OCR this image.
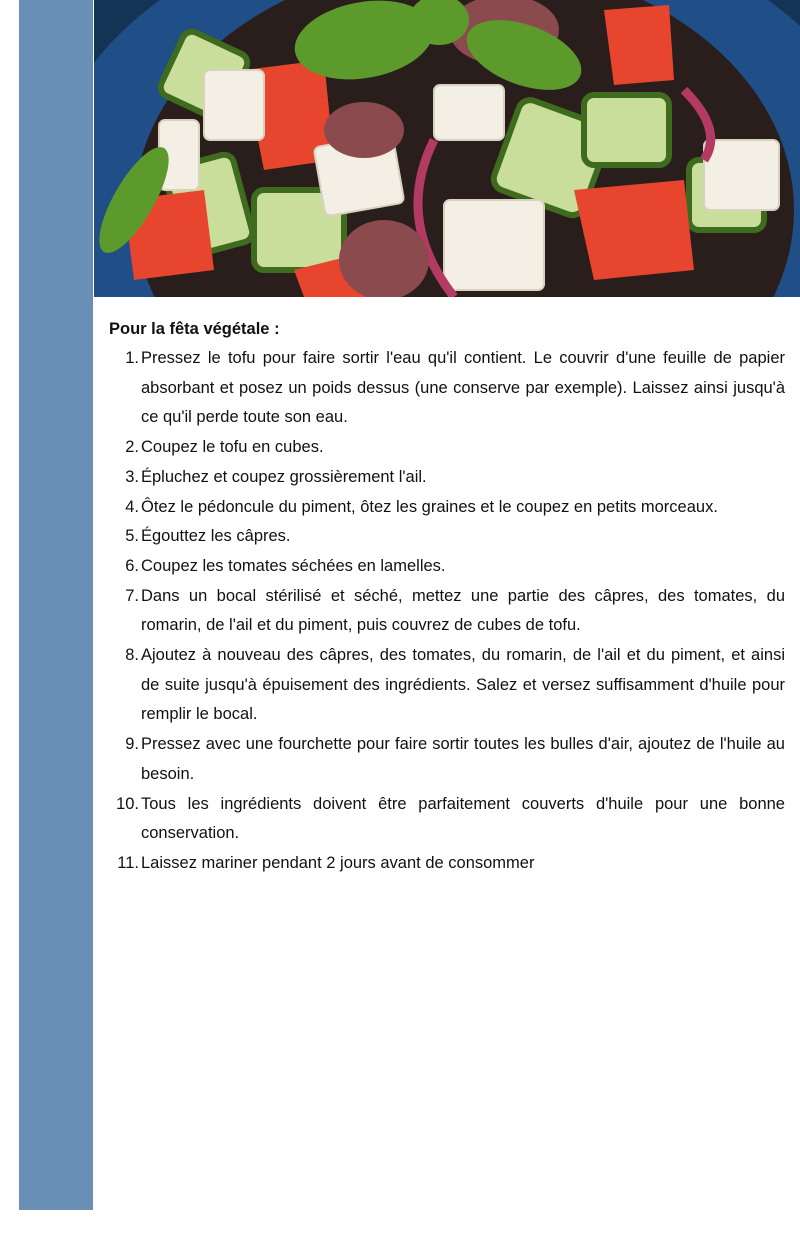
Pour la fêta végétale :
1. Pressez le tofu pour faire sortir l'eau qu'il contient. Le couvrir d'une feuille de papier absorbant et posez un poids dessus (une conserve par exemple). Laissez ainsi jusqu'à ce qu'il perde toute son eau.
2. Coupez le tofu en cubes.
3. Épluchez et coupez grossièrement l'ail.
4. Ôtez le pédoncule du piment, ôtez les graines et le coupez en petits morceaux.
5. Égouttez les câpres.
6. Coupez les tomates séchées en lamelles.
7. Dans un bocal stérilisé et séché, mettez une partie des câpres, des tomates, du romarin, de l'ail et du piment, puis couvrez de cubes de tofu.
8. Ajoutez à nouveau des câpres, des tomates, du romarin, de l'ail et du piment, et ainsi de suite jusqu'à épuisement des ingrédients. Salez et versez suffisamment d'huile pour remplir le bocal.
9. Pressez avec une fourchette pour faire sortir toutes les bulles d'air, ajoutez de l'huile au besoin.
10. Tous les ingrédients doivent être parfaitement couverts d'huile pour une bonne conservation.
11. Laissez mariner pendant 2 jours avant de consommer
